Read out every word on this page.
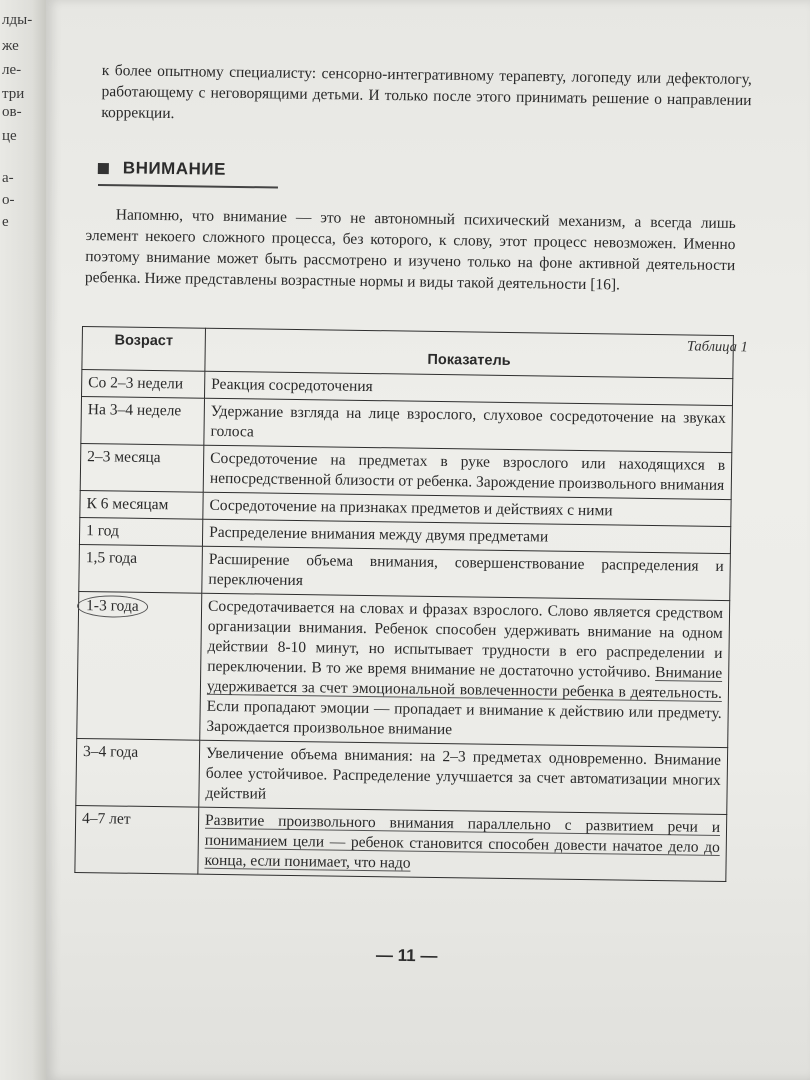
лды-
же
ле-
три
ов-
це
а-
о-
е

к более опытному специалисту: сенсорно-интегративному терапевту, логопеду или дефектологу, работающему с неговорящими детьми. И только после этого принимать решение о направлении коррекции.

ВНИМАНИЕ

Напомню, что внимание — это не автономный психический механизм, а всегда лишь элемент некоего сложного процесса, без которого, к слову, этот процесс невозможен. Именно поэтому внимание может быть рассмотрено и изучено только на фоне активной деятельности ребенка. Ниже представлены возрастные нормы и виды такой деятельности [16].

Таблица 1
Возраст	Показатель
Со 2–3 недели	Реакция сосредоточения
На 3–4 неделе	Удержание взгляда на лице взрослого, слуховое сосредоточение на звуках голоса
2–3 месяца	Сосредоточение на предметах в руке взрослого или находящихся в непосредственной близости от ребенка. Зарождение произвольного внимания
К 6 месяцам	Сосредоточение на признаках предметов и действиях с ними
1 год	Распределение внимания между двумя предметами
1,5 года	Расширение объема внимания, совершенствование распределения и переключения
1-3 года	Сосредотачивается на словах и фразах взрослого. Слово является средством организации внимания. Ребенок способен удерживать внимание на одном действии 8-10 минут, но испытывает трудности в его распределении и переключении. В то же время внимание не достаточно устойчиво. Внимание удерживается за счет эмоциональной вовлеченности ребенка в деятельность. Если пропадают эмоции — пропадает и внимание к действию или предмету. Зарождается произвольное внимание
3–4 года	Увеличение объема внимания: на 2–3 предметах одновременно. Внимание более устойчивое. Распределение улучшается за счет автоматизации многих действий
4–7 лет	Развитие произвольного внимания параллельно с развитием речи и пониманием цели — ребенок становится способен довести начатое дело до конца, если понимает, что надо
— 11 —
